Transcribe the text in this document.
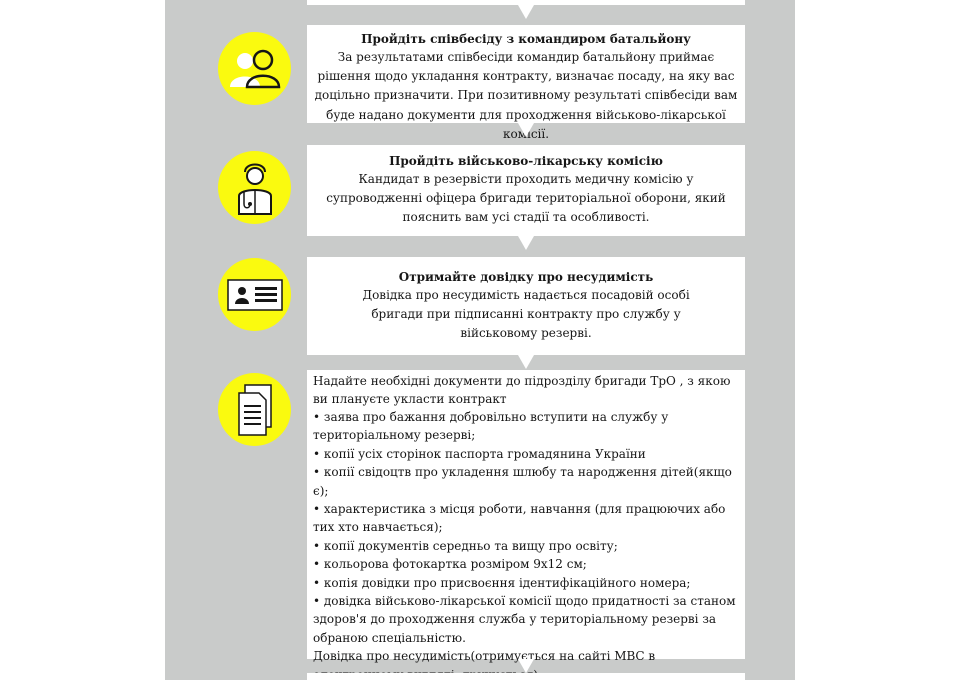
Пройдіть співбесіду з командиром батальйону
За результатами співбесіди командир батальйону приймає рішення щодо укладання контракту, визначає посаду, на яку вас доцільно призначити. При позитивному результаті співбесіди вам буде надано документи для проходження військово-лікарської комісії.
Пройдіть військово-лікарську комісію
Кандидат в резервісти проходить медичну комісію у супроводженні офіцера бригади територіальної оборони, який пояснить вам усі стадії та особливості.
Отримайте довідку про несудимість
Довідка про несудимість надається посадовій особі бригади при підписанні контракту про службу у військовому резерві.
Надайте необхідні документи до підрозділу бригади ТрО , з якою ви плануєте укласти контракт
• заява про бажання добровільно вступити на службу у територіальному резерві;
• копії усіх сторінок паспорта громадянина України
• копії свідоцтв про укладення шлюбу та народження дітей(якщо є);
• характеристика з місця роботи, навчання (для працюючих або тих хто навчається);
• копії документів середньо та вищу про освіту;
• кольорова фотокартка розміром 9х12 см;
• копія довідки про присвоєння ідентифікаційного номера;
• довідка військово-лікарської комісії щодо придатності за станом здоров'я до проходження служба у територіальному резерві за обраною спеціальністю.
Довідка про несудимість(отримується на сайті МВС в
